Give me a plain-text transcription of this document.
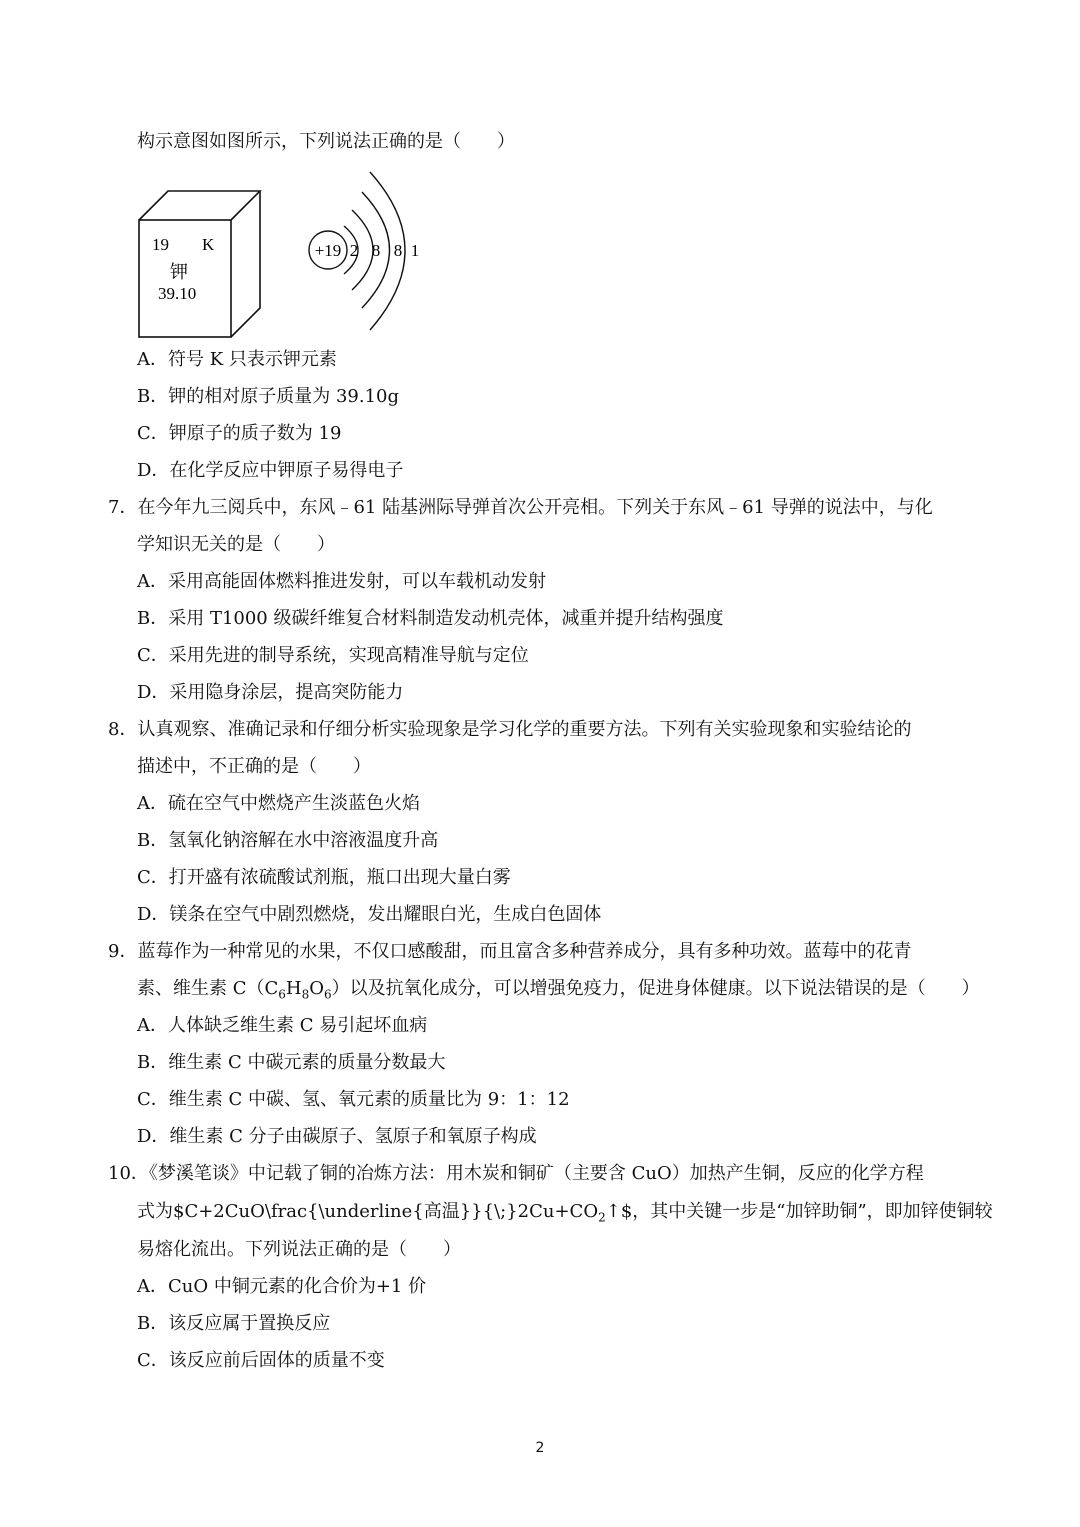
构示意图如图所示，下列说法正确的是（　　）
19 K
钾
39.10
+19 2 8 8 1
A．符号 K 只表示钾元素
B．钾的相对原子质量为 39.10g
C．钾原子的质子数为 19
D．在化学反应中钾原子易得电子
7．在今年九三阅兵中，东风﹣61 陆基洲际导弹首次公开亮相。下列关于东风﹣61 导弹的说法中，与化
学知识无关的是（　　）
A．采用高能固体燃料推进发射，可以车载机动发射
B．采用 T1000 级碳纤维复合材料制造发动机壳体，减重并提升结构强度
C．采用先进的制导系统，实现高精准导航与定位
D．采用隐身涂层，提高突防能力
8．认真观察、准确记录和仔细分析实验现象是学习化学的重要方法。下列有关实验现象和实验结论的
描述中，不正确的是（　　）
A．硫在空气中燃烧产生淡蓝色火焰
B．氢氧化钠溶解在水中溶液温度升高
C．打开盛有浓硫酸试剂瓶，瓶口出现大量白雾
D．镁条在空气中剧烈燃烧，发出耀眼白光，生成白色固体
9．蓝莓作为一种常见的水果，不仅口感酸甜，而且富含多种营养成分，具有多种功效。蓝莓中的花青
素、维生素 $C(C_6H_8O_6)$以及抗氧化成分，可以增强免疫力，促进身体健康。以下说法错误的是（　　）
A．人体缺乏维生素 C 易引起坏血病
B．维生素 C 中碳元素的质量分数最大
C．维生素 C 中碳、氢、氧元素的质量比为 9：1：12
D．维生素 C 分子由碳原子、氢原子和氧原子构成
10．《梦溪笔谈》中记载了铜的冶炼方法：用木炭和铜矿（主要含 CuO）加热产生铜，反应的化学方程
式为$C+2CuO\frac{\underline{高温}}$\{\backslash;\}2Cu+CO_2↑\$$，其中关键一步是“加锌助铜”，即加锌使铜较
易熔化流出。下列说法正确的是（　　）
A．CuO 中铜元素的化合价为+1 价
B．该反应属于置换反应
C．该反应前后固体的质量不变
2
